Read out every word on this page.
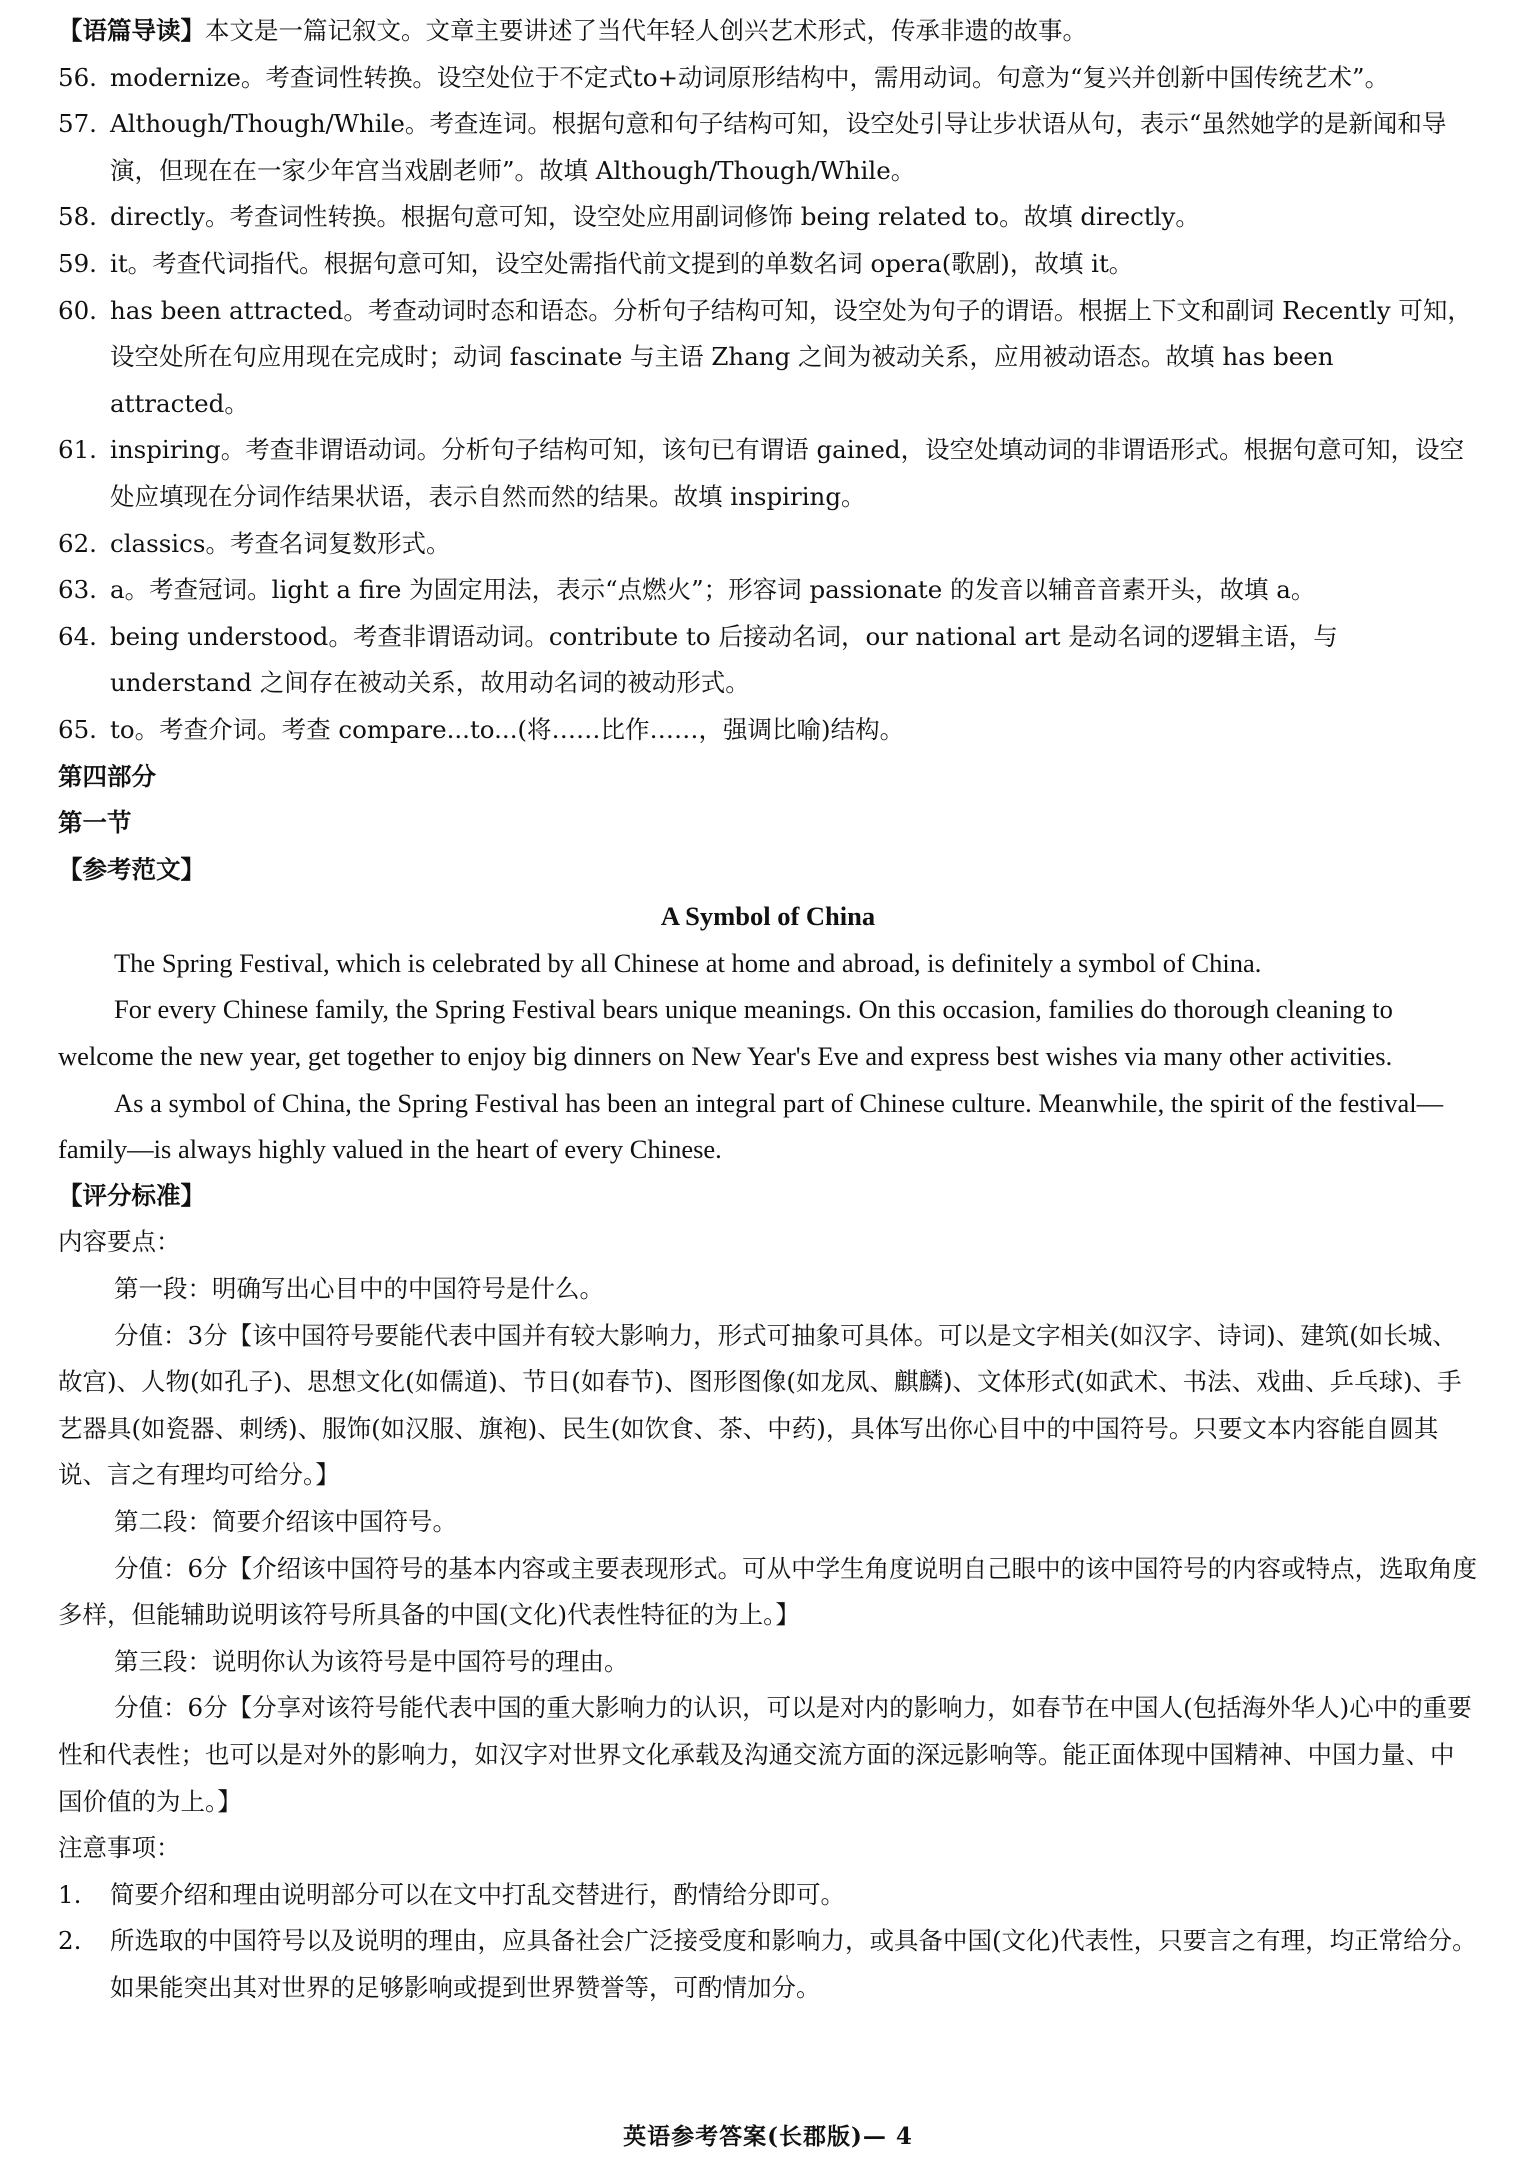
【语篇导读】本文是一篇记叙文。文章主要讲述了当代年轻人创兴艺术形式，传承非遗的故事。
56. modernize。考查词性转换。设空处位于不定式to+动词原形结构中，需用动词。句意为“复兴并创新中国传统艺术”。
57. Although/Though/While。考查连词。根据句意和句子结构可知，设空处引导让步状语从句，表示“虽然她学的是新闻和导演，但现在在一家少年宫当戏剧老师”。故填 Although/Though/While。
58. directly。考查词性转换。根据句意可知，设空处应用副词修饰 being related to。故填 directly。
59. it。考查代词指代。根据句意可知，设空处需指代前文提到的单数名词 opera(歌剧)，故填 it。
60. has been attracted。考查动词时态和语态。分析句子结构可知，设空处为句子的谓语。根据上下文和副词 Recently 可知，设空处所在句应用现在完成时；动词 fascinate 与主语 Zhang 之间为被动关系，应用被动语态。故填 has been attracted。
61. inspiring。考查非谓语动词。分析句子结构可知，该句已有谓语 gained，设空处填动词的非谓语形式。根据句意可知，设空处应填现在分词作结果状语，表示自然而然的结果。故填 inspiring。
62. classics。考查名词复数形式。
63. a。考查冠词。light a fire 为固定用法，表示“点燃火”；形容词 passionate 的发音以辅音音素开头，故填 a。
64. being understood。考查非谓语动词。contribute to 后接动名词，our national art 是动名词的逻辑主语，与 understand 之间存在被动关系，故用动名词的被动形式。
65. to。考查介词。考查 compare...to...(将……比作……，强调比喻)结构。
第四部分
第一节
【参考范文】
A Symbol of China
The Spring Festival, which is celebrated by all Chinese at home and abroad, is definitely a symbol of China.
For every Chinese family, the Spring Festival bears unique meanings. On this occasion, families do thorough cleaning to welcome the new year, get together to enjoy big dinners on New Year's Eve and express best wishes via many other activities.
As a symbol of China, the Spring Festival has been an integral part of Chinese culture. Meanwhile, the spirit of the festival—family—is always highly valued in the heart of every Chinese.
【评分标准】
内容要点：
第一段：明确写出心目中的中国符号是什么。
分值：3分【该中国符号要能代表中国并有较大影响力，形式可抽象可具体。可以是文字相关(如汉字、诗词)、建筑(如长城、故宫)、人物(如孔子)、思想文化(如儒道)、节日(如春节)、图形图像(如龙凤、麒麟)、文体形式(如武术、书法、戏曲、乒乓球)、手艺器具(如瓷器、刺绣)、服饰(如汉服、旗袍)、民生(如饮食、茶、中药)，具体写出你心目中的中国符号。只要文本内容能自圆其说、言之有理均可给分。】
第二段：简要介绍该中国符号。
分值：6分【介绍该中国符号的基本内容或主要表现形式。可从中学生角度说明自己眼中的该中国符号的内容或特点，选取角度多样，但能辅助说明该符号所具备的中国(文化)代表性特征的为上。】
第三段：说明你认为该符号是中国符号的理由。
分值：6分【分享对该符号能代表中国的重大影响力的认识，可以是对内的影响力，如春节在中国人(包括海外华人)心中的重要性和代表性；也可以是对外的影响力，如汉字对世界文化承载及沟通交流方面的深远影响等。能正面体现中国精神、中国力量、中国价值的为上。】
注意事项：
1. 简要介绍和理由说明部分可以在文中打乱交替进行，酌情给分即可。
2. 所选取的中国符号以及说明的理由，应具备社会广泛接受度和影响力，或具备中国(文化)代表性，只要言之有理，均正常给分。如果能突出其对世界的足够影响或提到世界赞誉等，可酌情加分。
英语参考答案(长郡版)— 4
